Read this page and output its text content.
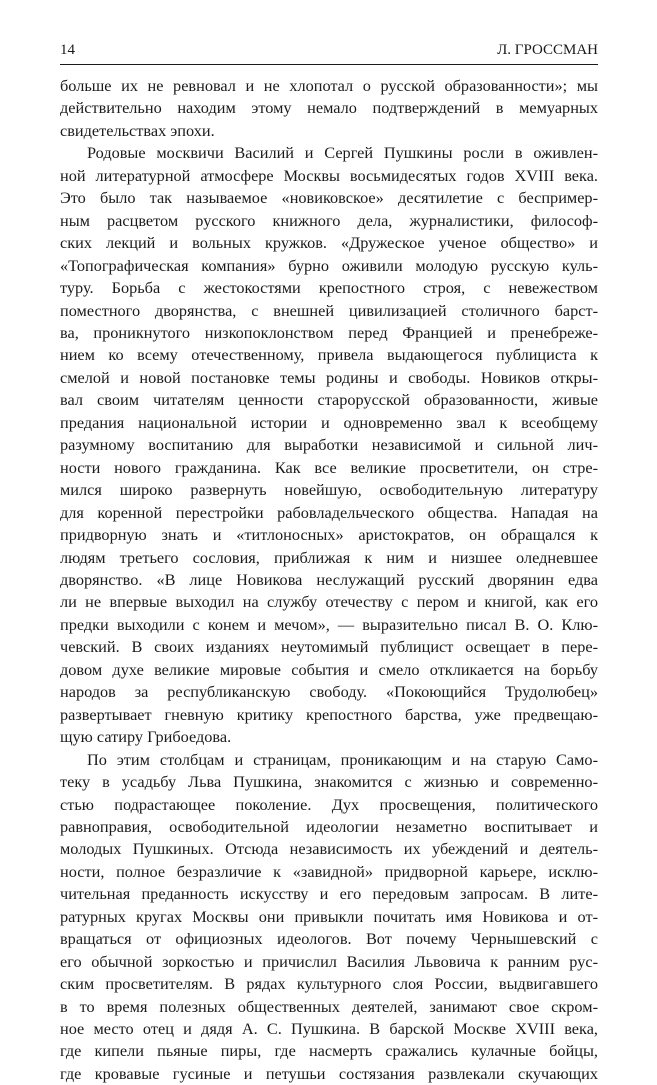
14	Л. ГРОССМАН
больше их не ревновал и не хлопотал о русской образованности»; мы
действительно находим этому немало подтверждений в мемуарных
свидетельствах эпохи.
Родовые москвичи Василий и Сергей Пушкины росли в оживлен-
ной литературной атмосфере Москвы восьмидесятых годов XVIII века.
Это было так называемое «новиковское» десятилетие с беспример-
ным расцветом русского книжного дела, журналистики, философ-
ских лекций и вольных кружков. «Дружеское ученое общество» и
«Топографическая компания» бурно оживили молодую русскую куль-
туру. Борьба с жестокостями крепостного строя, с невежеством
поместного дворянства, с внешней цивилизацией столичного барст-
ва, проникнутого низкопоклонством перед Францией и пренебреже-
нием ко всему отечественному, привела выдающегося публициста к
смелой и новой постановке темы родины и свободы. Новиков откры-
вал своим читателям ценности старорусской образованности, живые
предания национальной истории и одновременно звал к всеобщему
разумному воспитанию для выработки независимой и сильной лич-
ности нового гражданина. Как все великие просветители, он стре-
мился широко развернуть новейшую, освободительную литературу
для коренной перестройки рабовладельческого общества. Нападая на
придворную знать и «титлоносных» аристократов, он обращался к
людям третьего сословия, приближая к ним и низшее оледневшее
дворянство. «В лице Новикова неслужащий русский дворянин едва
ли не впервые выходил на службу отечеству с пером и книгой, как его
предки выходили с конем и мечом», — выразительно писал В. О. Клю-
чевский. В своих изданиях неутомимый публицист освещает в пере-
довом духе великие мировые события и смело откликается на борьбу
народов за республиканскую свободу. «Покоющийся Трудолюбец»
развертывает гневную критику крепостного барства, уже предвещаю-
щую сатиру Грибоедова.
По этим столбцам и страницам, проникающим и на старую Само-
теку в усадьбу Льва Пушкина, знакомится с жизнью и современно-
стью подрастающее поколение. Дух просвещения, политического
равноправия, освободительной идеологии незаметно воспитывает и
молодых Пушкиных. Отсюда независимость их убеждений и деятель-
ности, полное безразличие к «завидной» придворной карьере, исклю-
чительная преданность искусству и его передовым запросам. В лите-
ратурных кругах Москвы они привыкли почитать имя Новикова и от-
вращаться от официозных идеологов. Вот почему Чернышевский с
его обычной зоркостью и причислил Василия Львовича к ранним рус-
ским просветителям. В рядах культурного слоя России, выдвигавшего
в то время полезных общественных деятелей, занимают свое скром-
ное место отец и дядя А. С. Пушкина. В барской Москве XVIII века,
где кипели пьяные пиры, где насмерть сражались кулачные бойцы,
где кровавые гусиные и петушьи состязания развлекали скучающих
